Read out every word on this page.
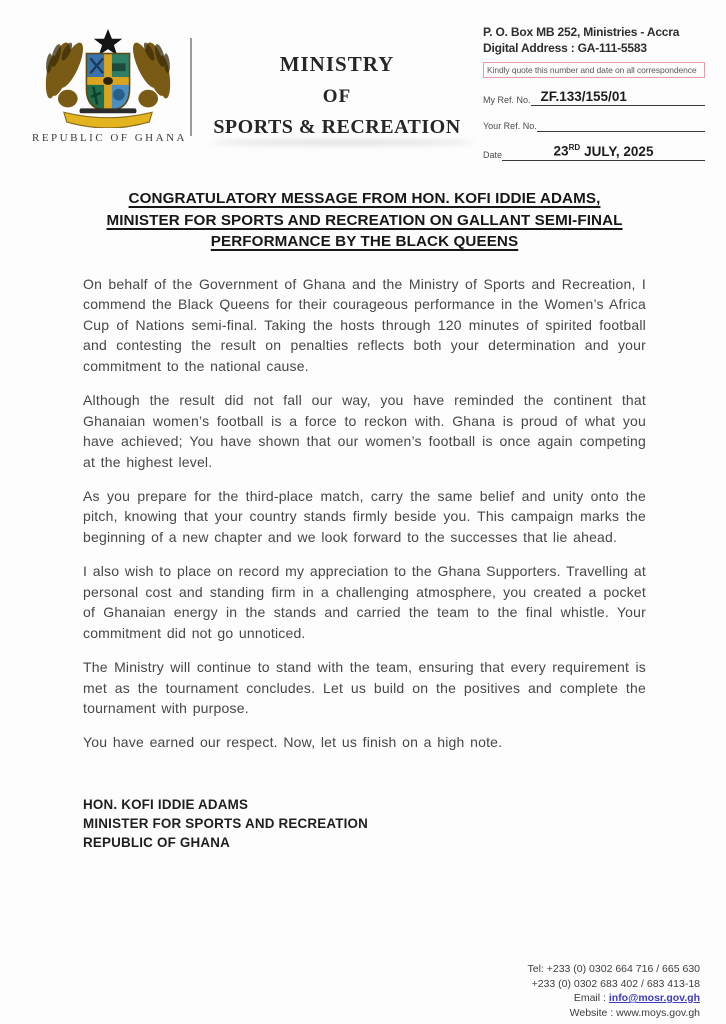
REPUBLIC OF GHANA
MINISTRY
OF
SPORTS & RECREATION
P. O. Box MB 252, Ministries - Accra
Digital Address : GA-111-5583
Kindly quote this number and date on all correspondence
My Ref. No. ZF.133/155/01
Your Ref. No.
Date	23RD JULY, 2025
CONGRATULATORY MESSAGE FROM HON. KOFI IDDIE ADAMS,
MINISTER FOR SPORTS AND RECREATION ON GALLANT SEMI-FINAL
PERFORMANCE BY THE BLACK QUEENS

On behalf of the Government of Ghana and the Ministry of Sports and Recreation, I commend the Black Queens for their courageous performance in the Women’s Africa Cup of Nations semi-final. Taking the hosts through 120 minutes of spirited football and contesting the result on penalties reflects both your determination and your commitment to the national cause.

Although the result did not fall our way, you have reminded the continent that Ghanaian women’s football is a force to reckon with. Ghana is proud of what you have achieved; You have shown that our women’s football is once again competing at the highest level.

As you prepare for the third-place match, carry the same belief and unity onto the pitch, knowing that your country stands firmly beside you. This campaign marks the beginning of a new chapter and we look forward to the successes that lie ahead.

I also wish to place on record my appreciation to the Ghana Supporters. Travelling at personal cost and standing firm in a challenging atmosphere, you created a pocket of Ghanaian energy in the stands and carried the team to the final whistle. Your commitment did not go unnoticed.

The Ministry will continue to stand with the team, ensuring that every requirement is met as the tournament concludes. Let us build on the positives and complete the tournament with purpose.

You have earned our respect. Now, let us finish on a high note.

HON. KOFI IDDIE ADAMS
MINISTER FOR SPORTS AND RECREATION
REPUBLIC OF GHANA
Tel: +233 (0) 0302 664 716 / 665 630
+233 (0) 0302 683 402 / 683 413-18
Email : info@mosr.gov.gh
Website : www.moys.gov.gh
